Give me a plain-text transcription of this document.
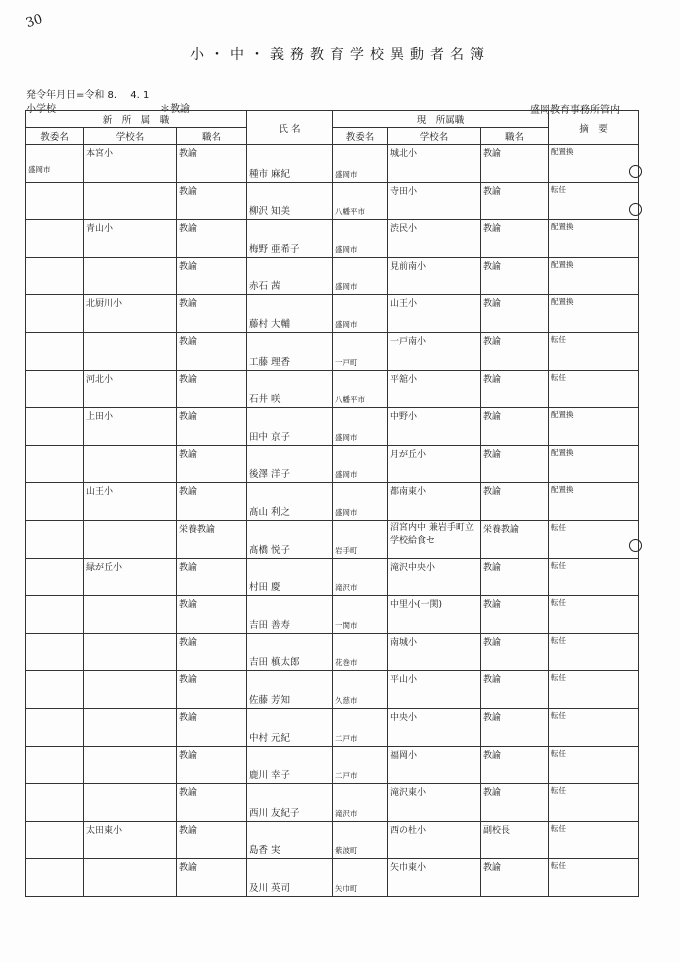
30
小・中・義務教育学校異動者名簿
発令年月日=令和 8.　 4. 1
小学校	＊教諭	盛岡教育事務所管内
新　所　属　職			氏 名	現　所属職			摘　要
教委名	学校名	職名		教委名	学校名	職名	

盛岡市	本宮小	教諭	種市 麻紀	盛岡市	城北小	教諭	配置換

		教諭	柳沢 知美	八幡平市	寺田小	教諭	転任

	青山小	教諭	梅野 亜希子	盛岡市	渋民小	教諭	配置換

		教諭	赤石 茜	盛岡市	見前南小	教諭	配置換

	北厨川小	教諭	藤村 大輔	盛岡市	山王小	教諭	配置換

		教諭	工藤 理香	一戸町	一戸南小	教諭	転任

	河北小	教諭	石井 咲	八幡平市	平舘小	教諭	転任

	上田小	教諭	田中 京子	盛岡市	中野小	教諭	配置換

		教諭	後澤 洋子	盛岡市	月が丘小	教諭	配置換

	山王小	教諭	髙山 利之	盛岡市	都南東小	教諭	配置換

		栄養教諭	髙橋 悦子	岩手町	沼宮内中 兼岩手町立学校給食セ	栄養教諭	転任

	緑が丘小	教諭	村田 慶	滝沢市	滝沢中央小	教諭	転任

		教諭	吉田 善寿	一関市	中里小(一関)	教諭	転任

		教諭	吉田 槙太郎	花巻市	南城小	教諭	転任

		教諭	佐藤 芳知	久慈市	平山小	教諭	転任

		教諭	中村 元紀	二戸市	中央小	教諭	転任

		教諭	鹿川 幸子	二戸市	福岡小	教諭	転任

		教諭	西川 友紀子	滝沢市	滝沢東小	教諭	転任

	太田東小	教諭	島香 実	紫波町	西の杜小	副校長	転任

		教諭	及川 英司	矢巾町	矢巾東小	教諭	転任
